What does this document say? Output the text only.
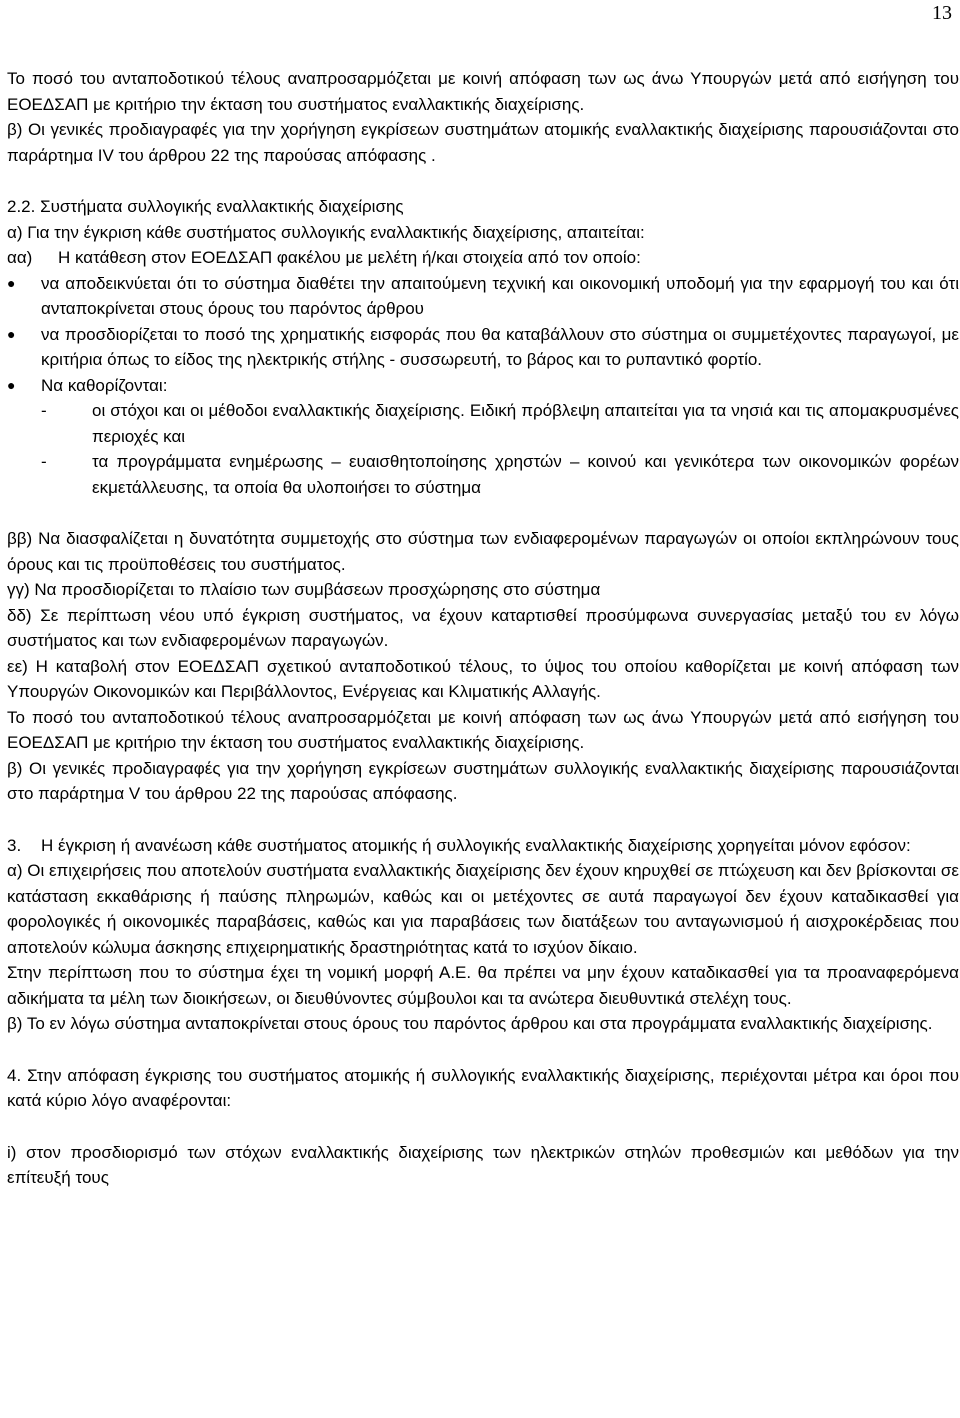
13

Το ποσό του ανταποδοτικού τέλους αναπροσαρμόζεται με κοινή απόφαση των ως άνω Υπουργών μετά από εισήγηση του ΕΟΕΔΣΑΠ με κριτήριο την έκταση του συστήματος εναλλακτικής διαχείρισης.

β) Οι γενικές προδιαγραφές για την χορήγηση εγκρίσεων συστημάτων ατομικής εναλλακτικής διαχείρισης παρουσιάζονται στο παράρτημα IV του άρθρου 22 της παρούσας απόφασης .

2.2. Συστήματα συλλογικής εναλλακτικής διαχείρισης

α) Για την έγκριση κάθε συστήματος συλλογικής εναλλακτικής διαχείρισης, απαιτείται:

αα)	Η κατάθεση στον ΕΟΕΔΣΑΠ φακέλου με μελέτη ή/και στοιχεία από τον οποίο:
●	να αποδεικνύεται ότι το σύστημα διαθέτει την απαιτούμενη τεχνική και οικονομική υποδομή για την εφαρμογή του και ότι ανταποκρίνεται στους όρους του παρόντος άρθρου
●	να προσδιορίζεται το ποσό της χρηματικής εισφοράς που θα καταβάλλουν στο σύστημα οι συμμετέχοντες παραγωγοί, με κριτήρια όπως το είδος της ηλεκτρικής στήλης - συσσωρευτή, το βάρος και το ρυπαντικό φορτίο.
●	Να καθορίζονται:
-	οι στόχοι και οι μέθοδοι εναλλακτικής διαχείρισης. Ειδική πρόβλεψη απαιτείται για τα νησιά και τις απομακρυσμένες περιοχές και
-	τα προγράμματα ενημέρωσης – ευαισθητοποίησης χρηστών – κοινού και γενικότερα των οικονομικών φορέων εκμετάλλευσης, τα οποία θα υλοποιήσει το σύστημα

ββ) Να διασφαλίζεται η δυνατότητα συμμετοχής στο σύστημα των ενδιαφερομένων παραγωγών οι οποίοι εκπληρώνουν τους όρους και τις προϋποθέσεις του συστήματος.

γγ) Να προσδιορίζεται το πλαίσιο των συμβάσεων προσχώρησης στο σύστημα

δδ) Σε περίπτωση νέου υπό έγκριση συστήματος, να έχουν καταρτισθεί προσύμφωνα συνεργασίας μεταξύ του εν λόγω συστήματος και των ενδιαφερομένων παραγωγών.

εε) Η καταβολή στον ΕΟΕΔΣΑΠ σχετικού ανταποδοτικού τέλους, το ύψος του οποίου καθορίζεται με κοινή απόφαση των Υπουργών Οικονομικών και Περιβάλλοντος, Ενέργειας και Κλιματικής Αλλαγής.

Το ποσό του ανταποδοτικού τέλους αναπροσαρμόζεται με κοινή απόφαση των ως άνω Υπουργών μετά από εισήγηση του ΕΟΕΔΣΑΠ με κριτήριο την έκταση του συστήματος εναλλακτικής διαχείρισης.

β) Οι γενικές προδιαγραφές για την χορήγηση εγκρίσεων συστημάτων συλλογικής εναλλακτικής διαχείρισης παρουσιάζονται στο παράρτημα V του άρθρου 22 της παρούσας απόφασης.

3. Η έγκριση ή ανανέωση κάθε συστήματος ατομικής ή συλλογικής εναλλακτικής διαχείρισης χορηγείται μόνον εφόσον:

α) Οι επιχειρήσεις που αποτελούν συστήματα εναλλακτικής διαχείρισης δεν έχουν κηρυχθεί σε πτώχευση και δεν βρίσκονται σε κατάσταση εκκαθάρισης ή παύσης πληρωμών, καθώς και οι μετέχοντες σε αυτά παραγωγοί δεν έχουν καταδικασθεί για φορολογικές ή οικονομικές παραβάσεις, καθώς και για παραβάσεις των διατάξεων του ανταγωνισμού ή αισχροκέρδειας που αποτελούν κώλυμα άσκησης επιχειρηματικής δραστηριότητας κατά το ισχύον δίκαιο.

Στην περίπτωση που το σύστημα έχει τη νομική μορφή Α.Ε. θα πρέπει να μην έχουν καταδικασθεί για τα προαναφερόμενα αδικήματα τα μέλη των διοικήσεων, οι διευθύνοντες σύμβουλοι και τα ανώτερα διευθυντικά στελέχη τους.

β) Το εν λόγω σύστημα ανταποκρίνεται στους όρους του παρόντος άρθρου και στα προγράμματα εναλλακτικής διαχείρισης.

4. Στην απόφαση έγκρισης του συστήματος ατομικής ή συλλογικής εναλλακτικής διαχείρισης, περιέχονται μέτρα και όροι που κατά κύριο λόγο αναφέρονται:

i) στον προσδιορισμό των στόχων εναλλακτικής διαχείρισης των ηλεκτρικών στηλών προθεσμιών και μεθόδων για την επίτευξή τους
